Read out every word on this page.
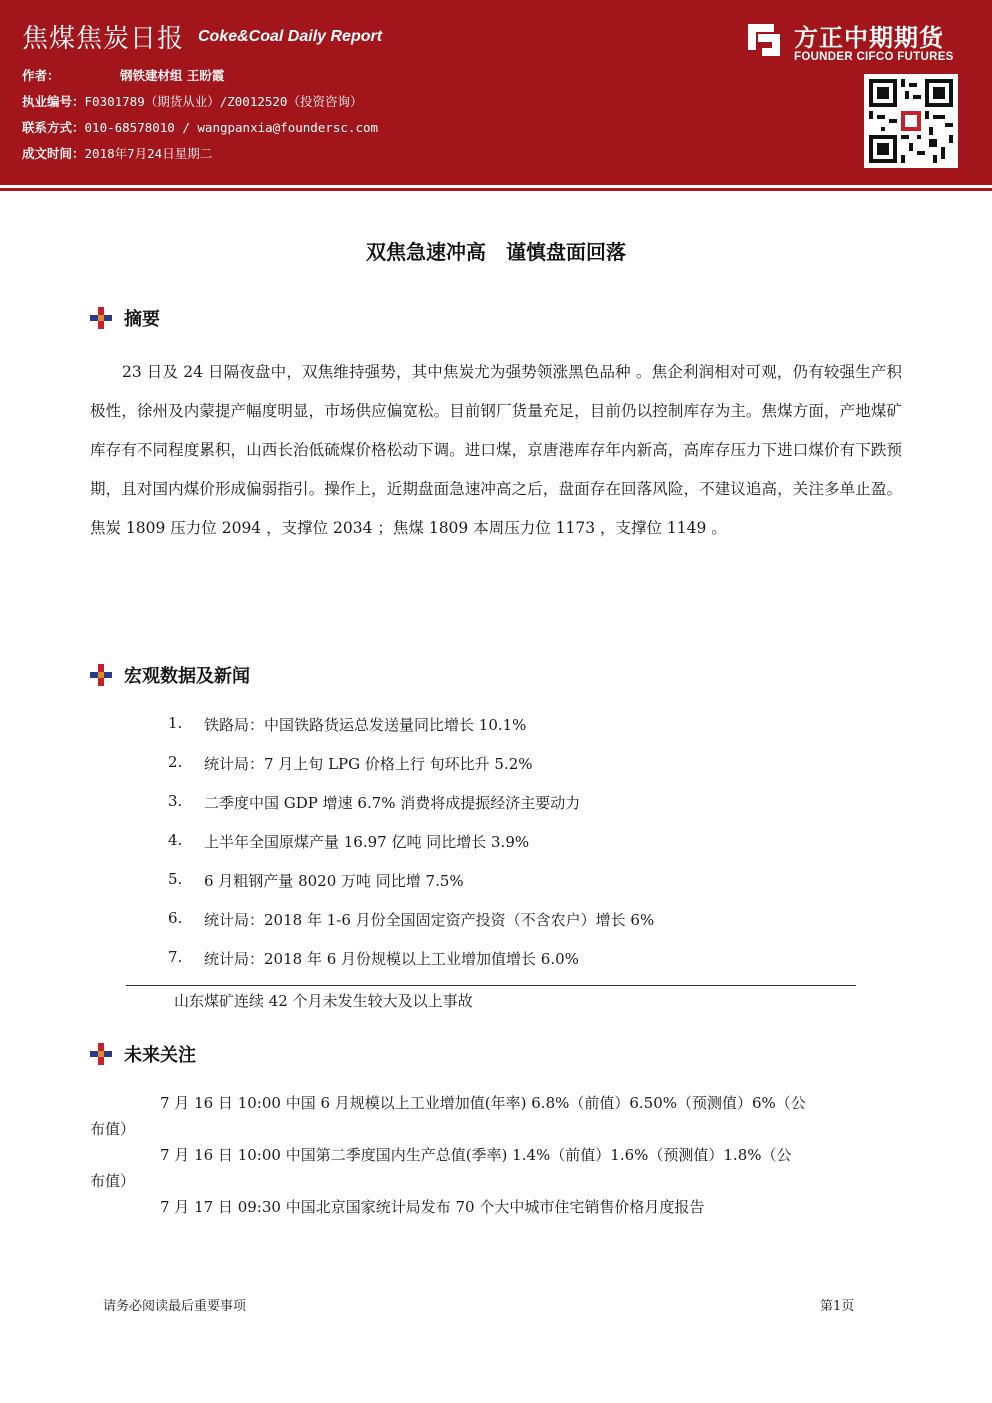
焦煤焦炭日报 Coke&Coal Daily Report
作者：	钢铁建材组 王盼霞
执业编号：F0301789（期货从业）/Z0012520（投资咨询）
联系方式：010-68578010 / wangpanxia@foundersc.com
成文时间：2018年7月24日星期二
方正中期期货
FOUNDER CIFCO FUTURES
双焦急速冲高　谨慎盘面回落
摘要
23 日及 24 日隔夜盘中，双焦维持强势，其中焦炭尤为强势领涨黑色品种 。焦企利润相对可观，仍有较强生产积极性，徐州及内蒙提产幅度明显，市场供应偏宽松。目前钢厂货量充足，目前仍以控制库存为主。焦煤方面，产地煤矿库存有不同程度累积，山西长治低硫煤价格松动下调。进口煤，京唐港库存年内新高，高库存压力下进口煤价有下跌预期，且对国内煤价形成偏弱指引。操作上，近期盘面急速冲高之后，盘面存在回落风险，不建议追高，关注多单止盈。焦炭 1809 压力位 2094 ，支撑位 2034 ；焦煤 1809 本周压力位 1173 ，支撑位 1149 。
宏观数据及新闻
1.	铁路局：中国铁路货运总发送量同比增长 10.1%
2.	统计局：7 月上旬 LPG 价格上行 旬环比升 5.2%
3.	二季度中国 GDP 增速 6.7% 消费将成提振经济主要动力
4.	上半年全国原煤产量 16.97 亿吨 同比增长 3.9%
5.	6 月粗钢产量 8020 万吨 同比增 7.5%
6.	统计局：2018 年 1-6 月份全国固定资产投资（不含农户）增长 6%
7.	统计局：2018 年 6 月份规模以上工业增加值增长 6.0%
山东煤矿连续 42 个月未发生较大及以上事故
未来关注
7 月 16 日 10:00 中国 6 月规模以上工业增加值(年率) 6.8%（前值）6.50%（预测值）6%（公
布值）
7 月 16 日 10:00 中国第二季度国内生产总值(季率) 1.4%（前值）1.6%（预测值）1.8%（公
布值）
7 月 17 日 09:30 中国北京国家统计局发布 70 个大中城市住宅销售价格月度报告
请务必阅读最后重要事项	第1页
